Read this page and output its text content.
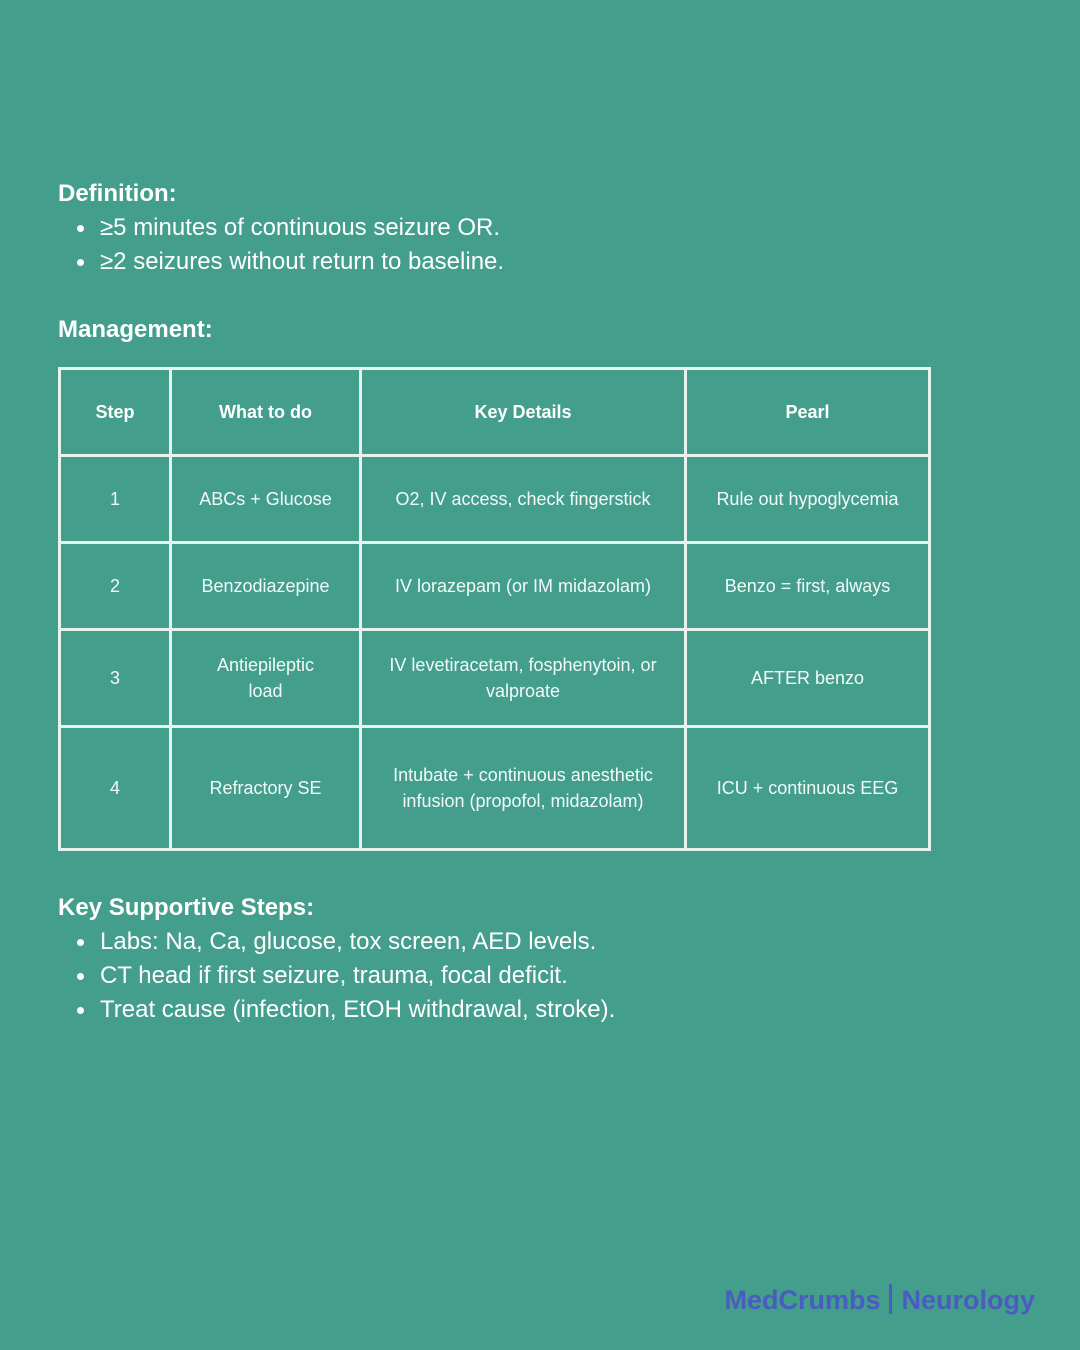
Definition:
≥5 minutes of continuous seizure OR.
≥2 seizures without return to baseline.
Management:
Step	What to do	Key Details	Pearl
1	ABCs + Glucose	O2, IV access, check fingerstick	Rule out hypoglycemia
2	Benzodiazepine	IV lorazepam (or IM midazolam)	Benzo = first, always
3	Antiepileptic load	IV levetiracetam, fosphenytoin, or valproate	AFTER benzo
4	Refractory SE	Intubate + continuous anesthetic infusion (propofol, midazolam)	ICU + continuous EEG
Key Supportive Steps:
Labs: Na, Ca, glucose, tox screen, AED levels.
CT head if first seizure, trauma, focal deficit.
Treat cause (infection, EtOH withdrawal, stroke).
MedCrumbs Neurology
